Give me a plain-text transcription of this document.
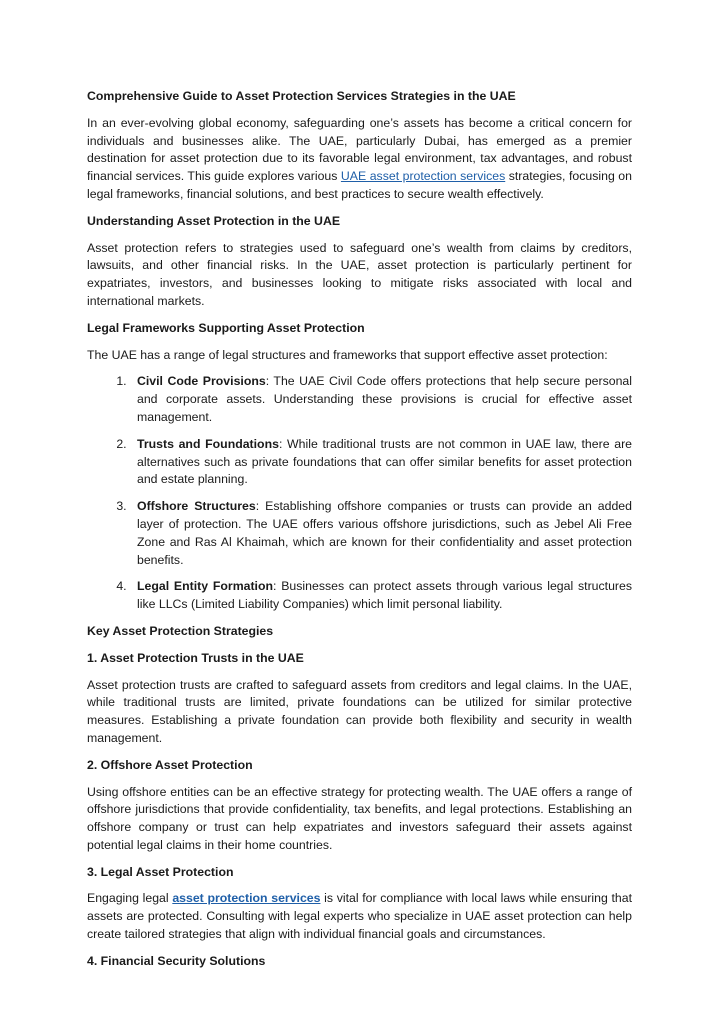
Comprehensive Guide to Asset Protection Services Strategies in the UAE

In an ever-evolving global economy, safeguarding one’s assets has become a critical concern for individuals and businesses alike. The UAE, particularly Dubai, has emerged as a premier destination for asset protection due to its favorable legal environment, tax advantages, and robust financial services. This guide explores various UAE asset protection services strategies, focusing on legal frameworks, financial solutions, and best practices to secure wealth effectively.

Understanding Asset Protection in the UAE

Asset protection refers to strategies used to safeguard one’s wealth from claims by creditors, lawsuits, and other financial risks. In the UAE, asset protection is particularly pertinent for expatriates, investors, and businesses looking to mitigate risks associated with local and international markets.

Legal Frameworks Supporting Asset Protection

The UAE has a range of legal structures and frameworks that support effective asset protection:

1. Civil Code Provisions: The UAE Civil Code offers protections that help secure personal and corporate assets. Understanding these provisions is crucial for effective asset management.
2. Trusts and Foundations: While traditional trusts are not common in UAE law, there are alternatives such as private foundations that can offer similar benefits for asset protection and estate planning.
3. Offshore Structures: Establishing offshore companies or trusts can provide an added layer of protection. The UAE offers various offshore jurisdictions, such as Jebel Ali Free Zone and Ras Al Khaimah, which are known for their confidentiality and asset protection benefits.
4. Legal Entity Formation: Businesses can protect assets through various legal structures like LLCs (Limited Liability Companies) which limit personal liability.
Key Asset Protection Strategies
1. Asset Protection Trusts in the UAE

Asset protection trusts are crafted to safeguard assets from creditors and legal claims. In the UAE, while traditional trusts are limited, private foundations can be utilized for similar protective measures. Establishing a private foundation can provide both flexibility and security in wealth management.

2. Offshore Asset Protection

Using offshore entities can be an effective strategy for protecting wealth. The UAE offers a range of offshore jurisdictions that provide confidentiality, tax benefits, and legal protections. Establishing an offshore company or trust can help expatriates and investors safeguard their assets against potential legal claims in their home countries.

3. Legal Asset Protection

Engaging legal asset protection services is vital for compliance with local laws while ensuring that assets are protected. Consulting with legal experts who specialize in UAE asset protection can help create tailored strategies that align with individual financial goals and circumstances.

4. Financial Security Solutions
